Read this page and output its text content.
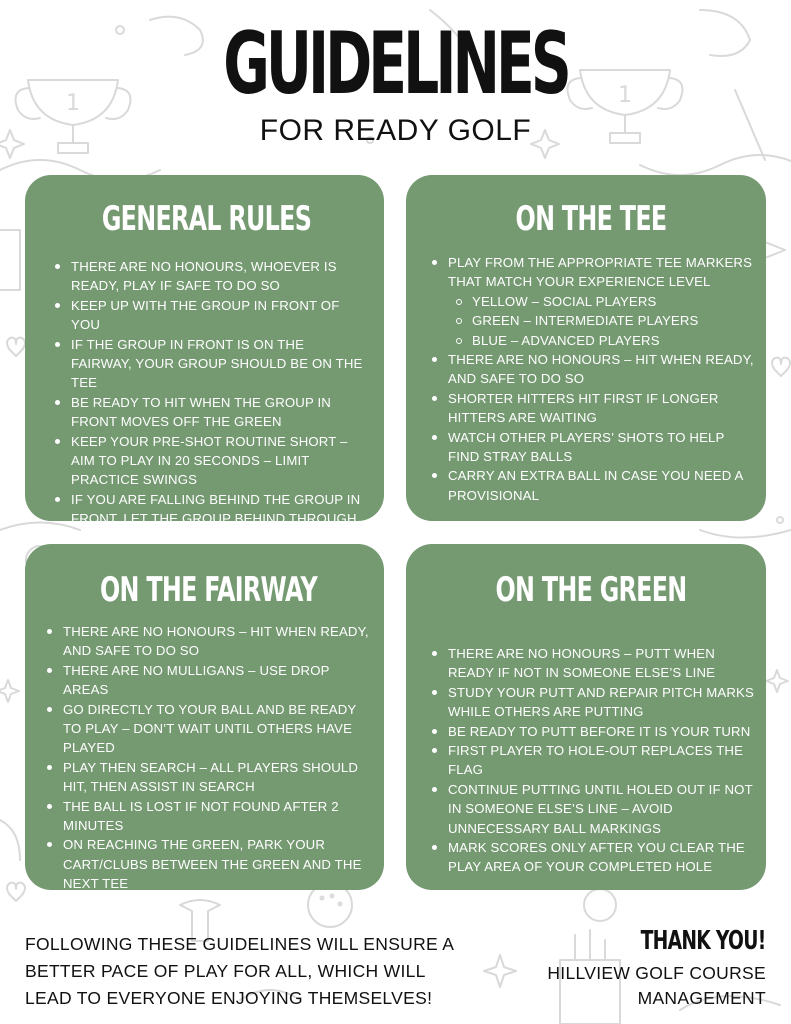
1	1
GUIDELINES
FOR READY GOLF
GENERAL RULES
THERE ARE NO HONOURS, WHOEVER IS READY, PLAY IF SAFE TO DO SO
KEEP UP WITH THE GROUP IN FRONT OF YOU
IF THE GROUP IN FRONT IS ON THE FAIRWAY, YOUR GROUP SHOULD BE ON THE TEE
BE READY TO HIT WHEN THE GROUP IN FRONT MOVES OFF THE GREEN
KEEP YOUR PRE-SHOT ROUTINE SHORT – AIM TO PLAY IN 20 SECONDS – LIMIT PRACTICE SWINGS
IF YOU ARE FALLING BEHIND THE GROUP IN FRONT, LET THE GROUP BEHIND THROUGH
ON THE TEE
PLAY FROM THE APPROPRIATE TEE MARKERS THAT MATCH YOUR EXPERIENCE LEVEL
YELLOW – SOCIAL PLAYERS
GREEN – INTERMEDIATE PLAYERS
BLUE – ADVANCED PLAYERS
THERE ARE NO HONOURS – HIT WHEN READY, AND SAFE TO DO SO
SHORTER HITTERS HIT FIRST IF LONGER HITTERS ARE WAITING
WATCH OTHER PLAYERS’ SHOTS TO HELP FIND STRAY BALLS
CARRY AN EXTRA BALL IN CASE YOU NEED A PROVISIONAL
ON THE FAIRWAY
THERE ARE NO HONOURS – HIT WHEN READY, AND SAFE TO DO SO
THERE ARE NO MULLIGANS – USE DROP AREAS
GO DIRECTLY TO YOUR BALL AND BE READY TO PLAY – DON’T WAIT UNTIL OTHERS HAVE PLAYED
PLAY THEN SEARCH – ALL PLAYERS SHOULD HIT, THEN ASSIST IN SEARCH
THE BALL IS LOST IF NOT FOUND AFTER 2 MINUTES
ON REACHING THE GREEN, PARK YOUR CART/CLUBS BETWEEN THE GREEN AND THE NEXT TEE
ON THE GREEN
THERE ARE NO HONOURS – PUTT WHEN READY IF NOT IN SOMEONE ELSE’S LINE
STUDY YOUR PUTT AND REPAIR PITCH MARKS WHILE OTHERS ARE PUTTING
BE READY TO PUTT BEFORE IT IS YOUR TURN
FIRST PLAYER TO HOLE-OUT REPLACES THE FLAG
CONTINUE PUTTING UNTIL HOLED OUT IF NOT IN SOMEONE ELSE’S LINE – AVOID UNNECESSARY BALL MARKINGS
MARK SCORES ONLY AFTER YOU CLEAR THE PLAY AREA OF YOUR COMPLETED HOLE
FOLLOWING THESE GUIDELINES WILL ENSURE A BETTER PACE OF PLAY FOR ALL, WHICH WILL LEAD TO EVERYONE ENJOYING THEMSELVES!
THANK YOU!
HILLVIEW GOLF COURSE MANAGEMENT
